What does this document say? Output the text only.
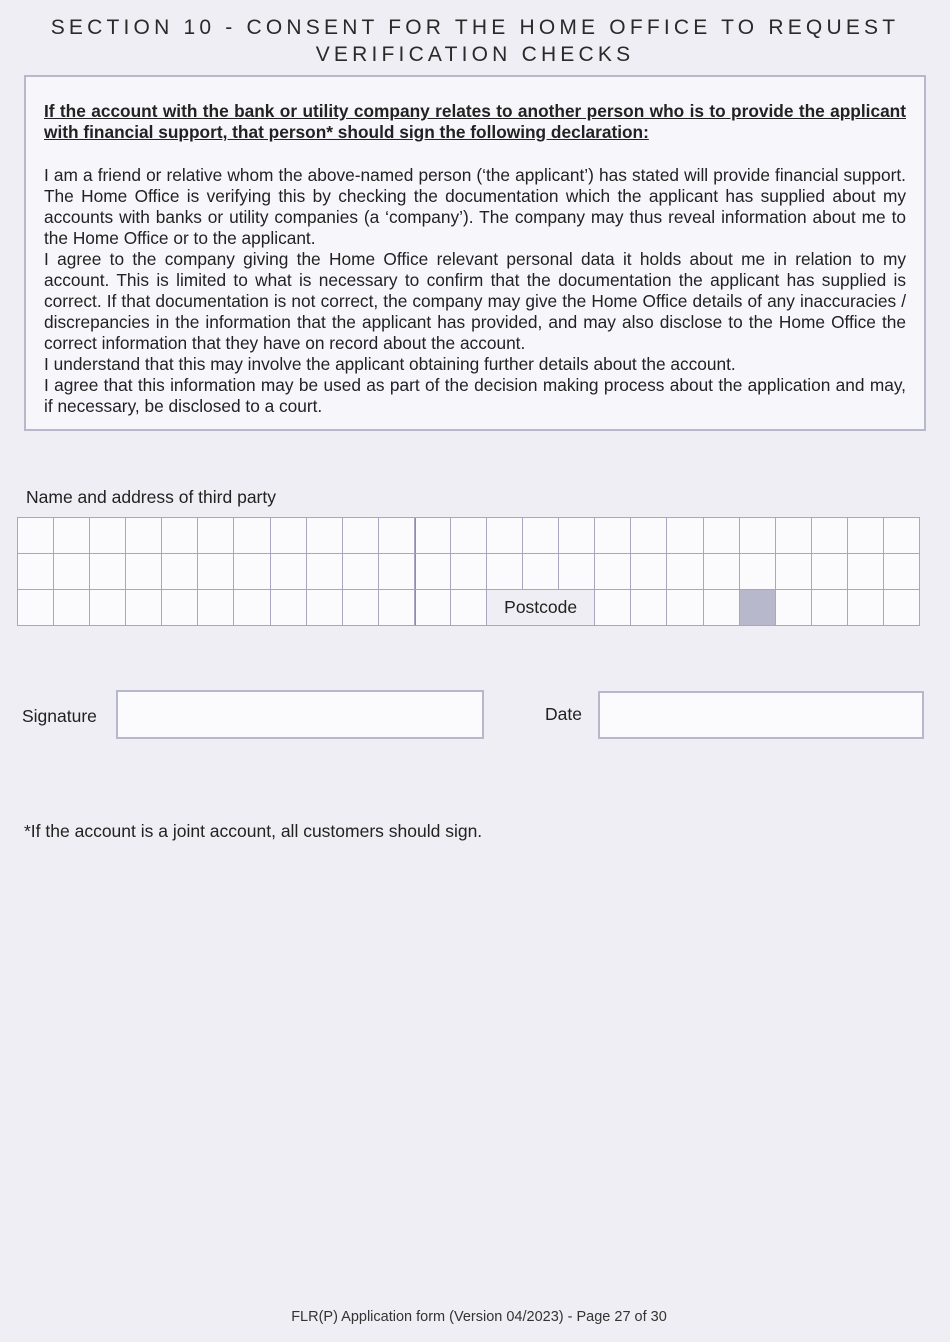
SECTION 10 - CONSENT FOR THE HOME OFFICE TO REQUEST
VERIFICATION CHECKS

If the account with the bank or utility company relates to another person who is to provide the applicant with financial support, that person* should sign the following declaration:

I am a friend or relative whom the above-named person (‘the applicant’) has stated will provide financial support. The Home Office is verifying this by checking the documentation which the applicant has supplied about my accounts with banks or utility companies (a ‘company’). The company may thus reveal information about me to the Home Office or to the applicant.

I agree to the company giving the Home Office relevant personal data it holds about me in relation to my account. This is limited to what is necessary to confirm that the documentation the applicant has supplied is correct. If that documentation is not correct, the company may give the Home Office details of any inaccuracies / discrepancies in the information that the applicant has provided, and may also disclose to the Home Office the correct information that they have on record about the account.

I understand that this may involve the applicant obtaining further details about the account.

I agree that this information may be used as part of the decision making process about the application and may, if necessary, be disclosed to a court.

Name and address of third party
Postcode
Signature	Date
*If the account is a joint account, all customers should sign.
FLR(P) Application form (Version 04/2023) - Page 27 of 30
